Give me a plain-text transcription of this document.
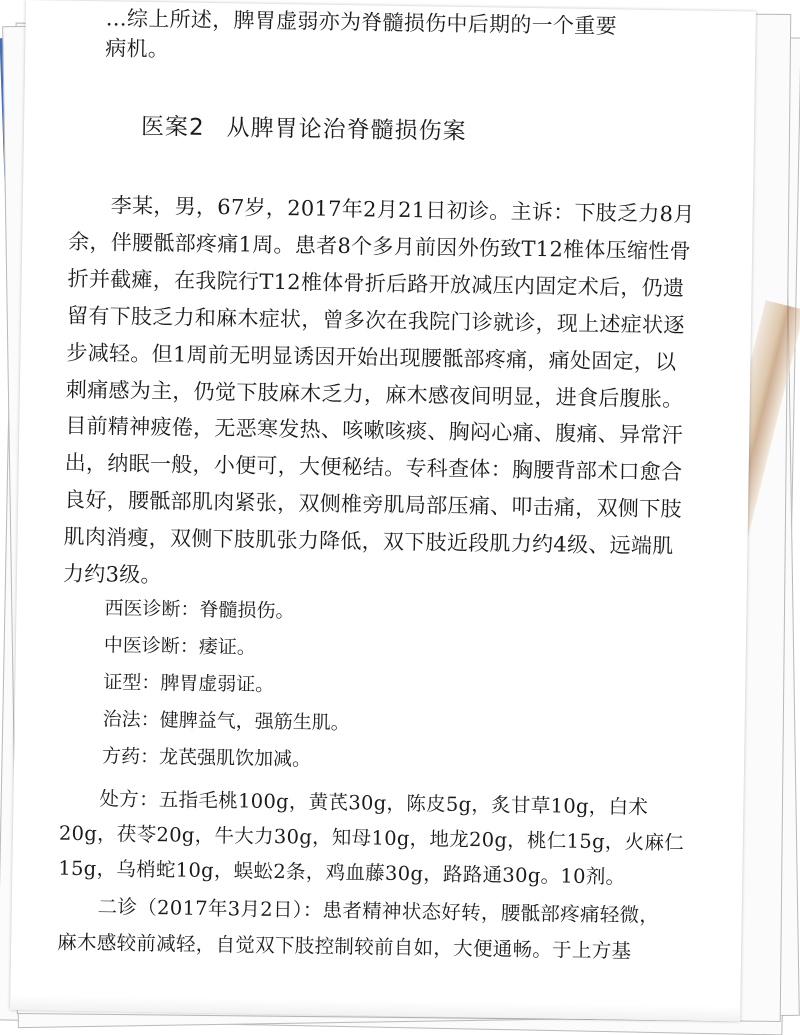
…综上所述，脾胃虚弱亦为脊髓损伤中后期的一个重要
病机。
医案2 从脾胃论治脊髓损伤案
李某，男，67岁，2017年2月21日初诊。主诉：下肢乏力8月
余，伴腰骶部疼痛1周。患者8个多月前因外伤致T12椎体压缩性骨
折并截瘫，在我院行T12椎体骨折后路开放减压内固定术后，仍遗
留有下肢乏力和麻木症状，曾多次在我院门诊就诊，现上述症状逐
步减轻。但1周前无明显诱因开始出现腰骶部疼痛，痛处固定，以
刺痛感为主，仍觉下肢麻木乏力，麻木感夜间明显，进食后腹胀。
目前精神疲倦，无恶寒发热、咳嗽咳痰、胸闷心痛、腹痛、异常汗
出，纳眠一般，小便可，大便秘结。专科查体：胸腰背部术口愈合
良好，腰骶部肌肉紧张，双侧椎旁肌局部压痛、叩击痛，双侧下肢
肌肉消瘦，双侧下肢肌张力降低，双下肢近段肌力约4级、远端肌
力约3级。
西医诊断：脊髓损伤。
中医诊断：痿证。
证型：脾胃虚弱证。
治法：健脾益气，强筋生肌。
方药：龙芪强肌饮加减。
处方：五指毛桃100g，黄芪30g，陈皮5g，炙甘草10g，白术
20g，茯苓20g，牛大力30g，知母10g，地龙20g，桃仁15g，火麻仁
15g，乌梢蛇10g，蜈蚣2条，鸡血藤30g，路路通30g。10剂。
二诊（2017年3月2日）：患者精神状态好转，腰骶部疼痛轻微，
麻木感较前减轻，自觉双下肢控制较前自如，大便通畅。于上方基
